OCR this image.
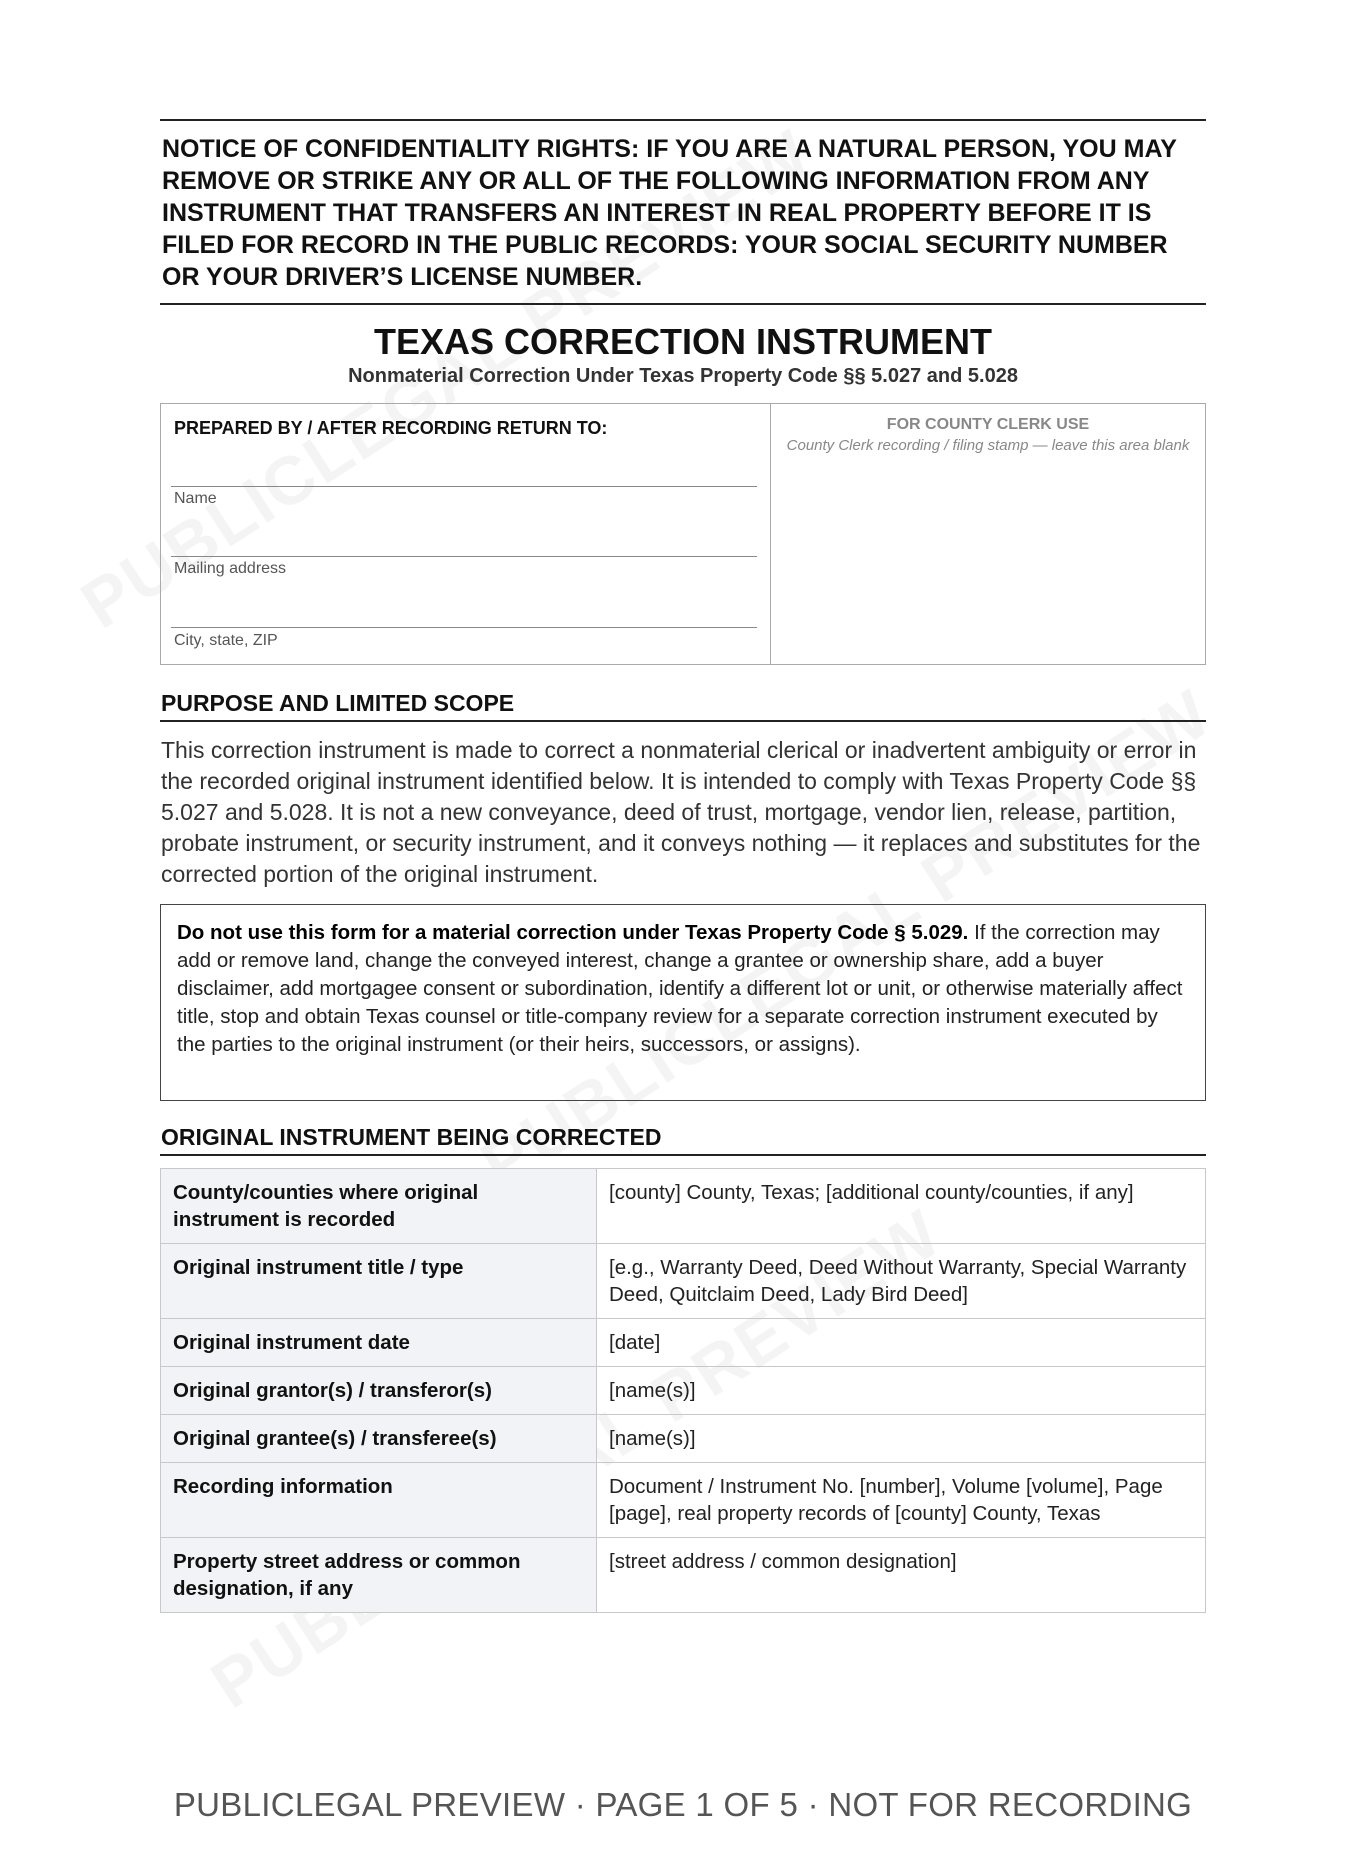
NOTICE OF CONFIDENTIALITY RIGHTS: IF YOU ARE A NATURAL PERSON, YOU MAY REMOVE OR STRIKE ANY OR ALL OF THE FOLLOWING INFORMATION FROM ANY INSTRUMENT THAT TRANSFERS AN INTEREST IN REAL PROPERTY BEFORE IT IS FILED FOR RECORD IN THE PUBLIC RECORDS: YOUR SOCIAL SECURITY NUMBER OR YOUR DRIVER’S LICENSE NUMBER.
TEXAS CORRECTION INSTRUMENT
Nonmaterial Correction Under Texas Property Code §§ 5.027 and 5.028
PREPARED BY / AFTER RECORDING RETURN TO:
Name
Mailing address
City, state, ZIP
FOR COUNTY CLERK USE
County Clerk recording / filing stamp — leave this area blank
PURPOSE AND LIMITED SCOPE

This correction instrument is made to correct a nonmaterial clerical or inadvertent ambiguity or error in the recorded original instrument identified below. It is intended to comply with Texas Property Code §§ 5.027 and 5.028. It is not a new conveyance, deed of trust, mortgage, vendor lien, release, partition, probate instrument, or security instrument, and it conveys nothing — it replaces and substitutes for the corrected portion of the original instrument.

Do not use this form for a material correction under Texas Property Code § 5.029. If the correction may add or remove land, change the conveyed interest, change a grantee or ownership share, add a buyer disclaimer, add mortgagee consent or subordination, identify a different lot or unit, or otherwise materially affect title, stop and obtain Texas counsel or title-company review for a separate correction instrument executed by the parties to the original instrument (or their heirs, successors, or assigns).
ORIGINAL INSTRUMENT BEING CORRECTED
County/counties where original instrument is recorded	[county] County, Texas; [additional county/counties, if any]
Original instrument title / type	[e.g., Warranty Deed, Deed Without Warranty, Special Warranty Deed, Quitclaim Deed, Lady Bird Deed]
Original instrument date	[date]
Original grantor(s) / transferor(s)	[name(s)]
Original grantee(s) / transferee(s)	[name(s)]
Recording information	Document / Instrument No. [number], Volume [volume], Page [page], real property records of [county] County, Texas
Property street address or common designation, if any	[street address / common designation]
PUBLICLEGAL PREVIEW · PAGE 1 OF 5 · NOT FOR RECORDING
